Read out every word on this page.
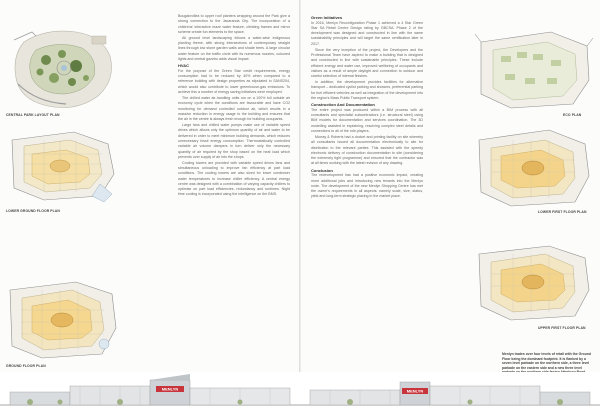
CENTRAL PARK LAYOUT PLAN
LOWER GROUND FLOOR PLAN
GROUND FLOOR PLAN

Bougainvillea to upper roof planters wrapping around the Park give a strong connection to the Jacaranda City. The incorporation of a childrens' interactive maze water feature, climbing frames and mirror scheme create fun elements to the space.

All ground level landscaping follows a water-wise indigenous planting theme, with strong intersections of contemporary straight lines through low stone garden walls and shade trees. A large circular water feature on the traffic circle with its numerous nozzles, coloured lights and central gazebo adds visual impact.

HVAC

For the purpose of the Green Star credit requirements, energy consumption had to be reduced by 40% when compared to a reference building with design properties as stipulated in SANS204, which would also contribute to lower greenhouse-gas emissions. To achieve this a number of energy saving initiatives were employed.

The chilled water air-handling units run on a 100% full outside air economy cycle when the conditions are favourable and have CO2 monitoring for demand controlled outdoor air, which results in a massive reduction in energy usage to the building and ensures that the air in the centre is always fresh enough for building occupants.

Large fans and chilled water pumps make use of variable speed drives which allows only the optimum quantity of air and water to be delivered in order to meet minimum building demands, which reduces unnecessary fossil energy consumption. Thermostatically controlled variable air volume dampers in turn deliver only the necessary quantity of air required by the shop based on the heat load which prevents over supply of air into the shops.

Cooling towers are provided with variable speed drives fans and simultaneous unloading to improve fan efficiency at part load conditions. The cooling towers are also sized for lower condenser water temperatures to increase chiller efficiency. A central energy centre was designed with a combination of varying capacity chillers to optimise on part load efficiencies, redundancy and runtimes. Night time cooling is incorporated using the intelligence on the BMS.

Green Initiatives

In 2016, Menlyn Reconfiguration Phase 1 achieved a 4 Star Green Star SA Retail Centre Design rating by GBCSA. Phase 2 of the development was designed and constructed in line with the same sustainability principles and will target the same certification later in 2017.

Since the very inception of the project, the Developers and the Professional Team have aspired to make a building that is designed and constructed in line with sustainable principles. These include efficient energy and water use, improved wellbeing of occupants and visitors as a result of ample daylight and connection to outdoor and careful selection of internal finishes.

In addition, the development provides facilities for alternative transport – dedicated cyclist parking and showers, preferential parking for fuel efficient vehicles as well as integration of the development into the region's Mass Public Transport system.

Construction And Documentation

The entire project was produced within a BIM process with all consultants and specialist subcontractors (i.e. structural steel) using BIM models for documentation and services coordination. The 3D modelling assisted in explaining, resolving complex steel details and connections to all of the role-players.

Murray & Roberts had a docket and printing facility on site whereby all consultants issued all documentation electronically to site for distribution to the relevant parties. This assisted with the speedy electronic delivery of construction documentation to site (considering the extremely tight programme) and ensured that the contractor was at all times working with the latest revision of any drawing.

Conclusion

The redevelopment has had a positive economic impact, creating more additional jobs and introducing new tenants into the Menlyn node. The development of the new Menlyn Shopping Centre has met the owner's requirements in all aspects: namely scale, size, status, yield and long-term strategic placing in the market place.

ECO PLAN
LOWER FIRST FLOOR PLAN
UPPER FIRST FLOOR PLAN
Menlyn trades over four levels of retail with the Ground Floor being the dominant footprint. It is flanked by a seven level parkade on the northern side, a three level parkade on the eastern side and a new three level
MENLYN	MENLYN
